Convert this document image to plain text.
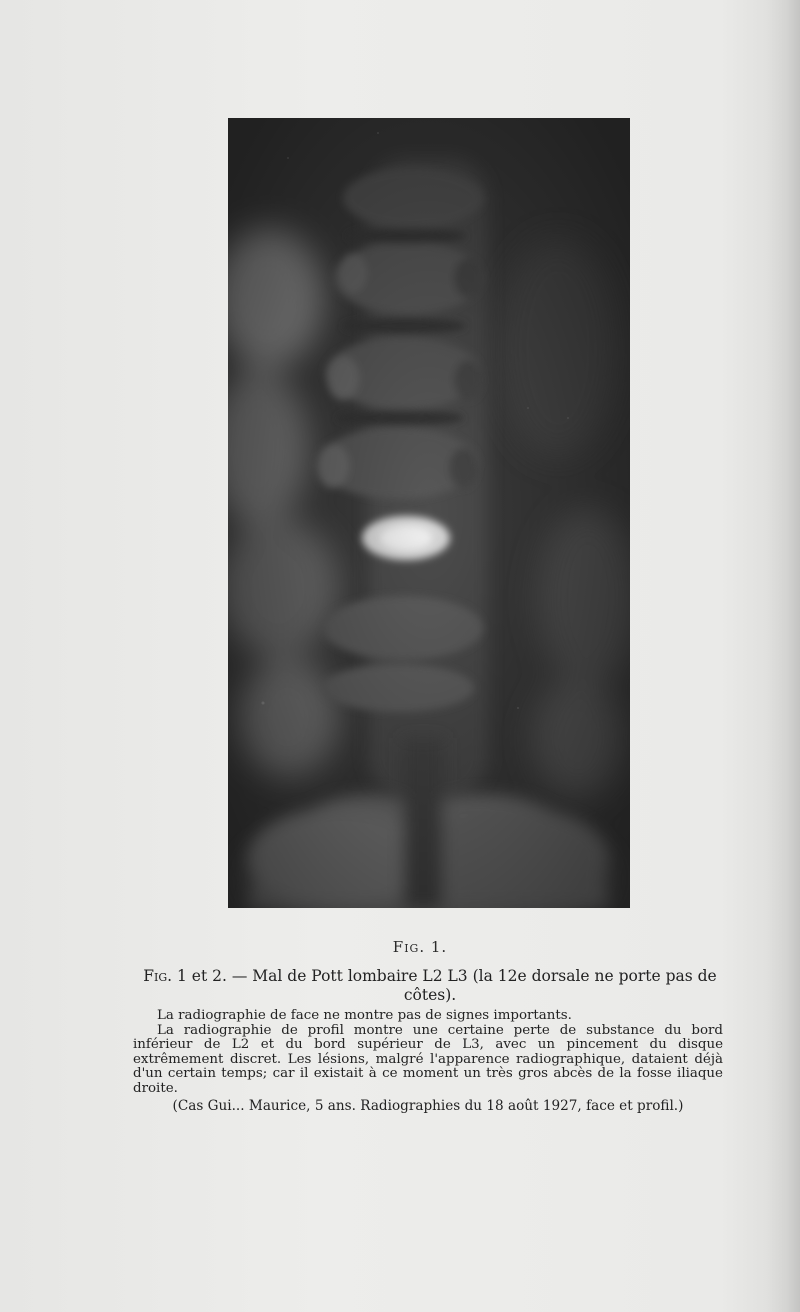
Fig. 1.
Fig. 1 et 2. — Mal de Pott lombaire L2 L3 (la 12e dorsale ne porte pas de côtes).

La radiographie de face ne montre pas de signes importants.

La radiographie de profil montre une certaine perte de substance du bord inférieur de L2 et du bord supérieur de L3, avec un pincement du disque extrêmement discret. Les lésions, malgré l'apparence radiographique, dataient déjà d'un certain temps; car il existait à ce moment un très gros abcès de la fosse iliaque droite.

(Cas Gui... Maurice, 5 ans. Radiographies du 18 août 1927, face et profil.)
